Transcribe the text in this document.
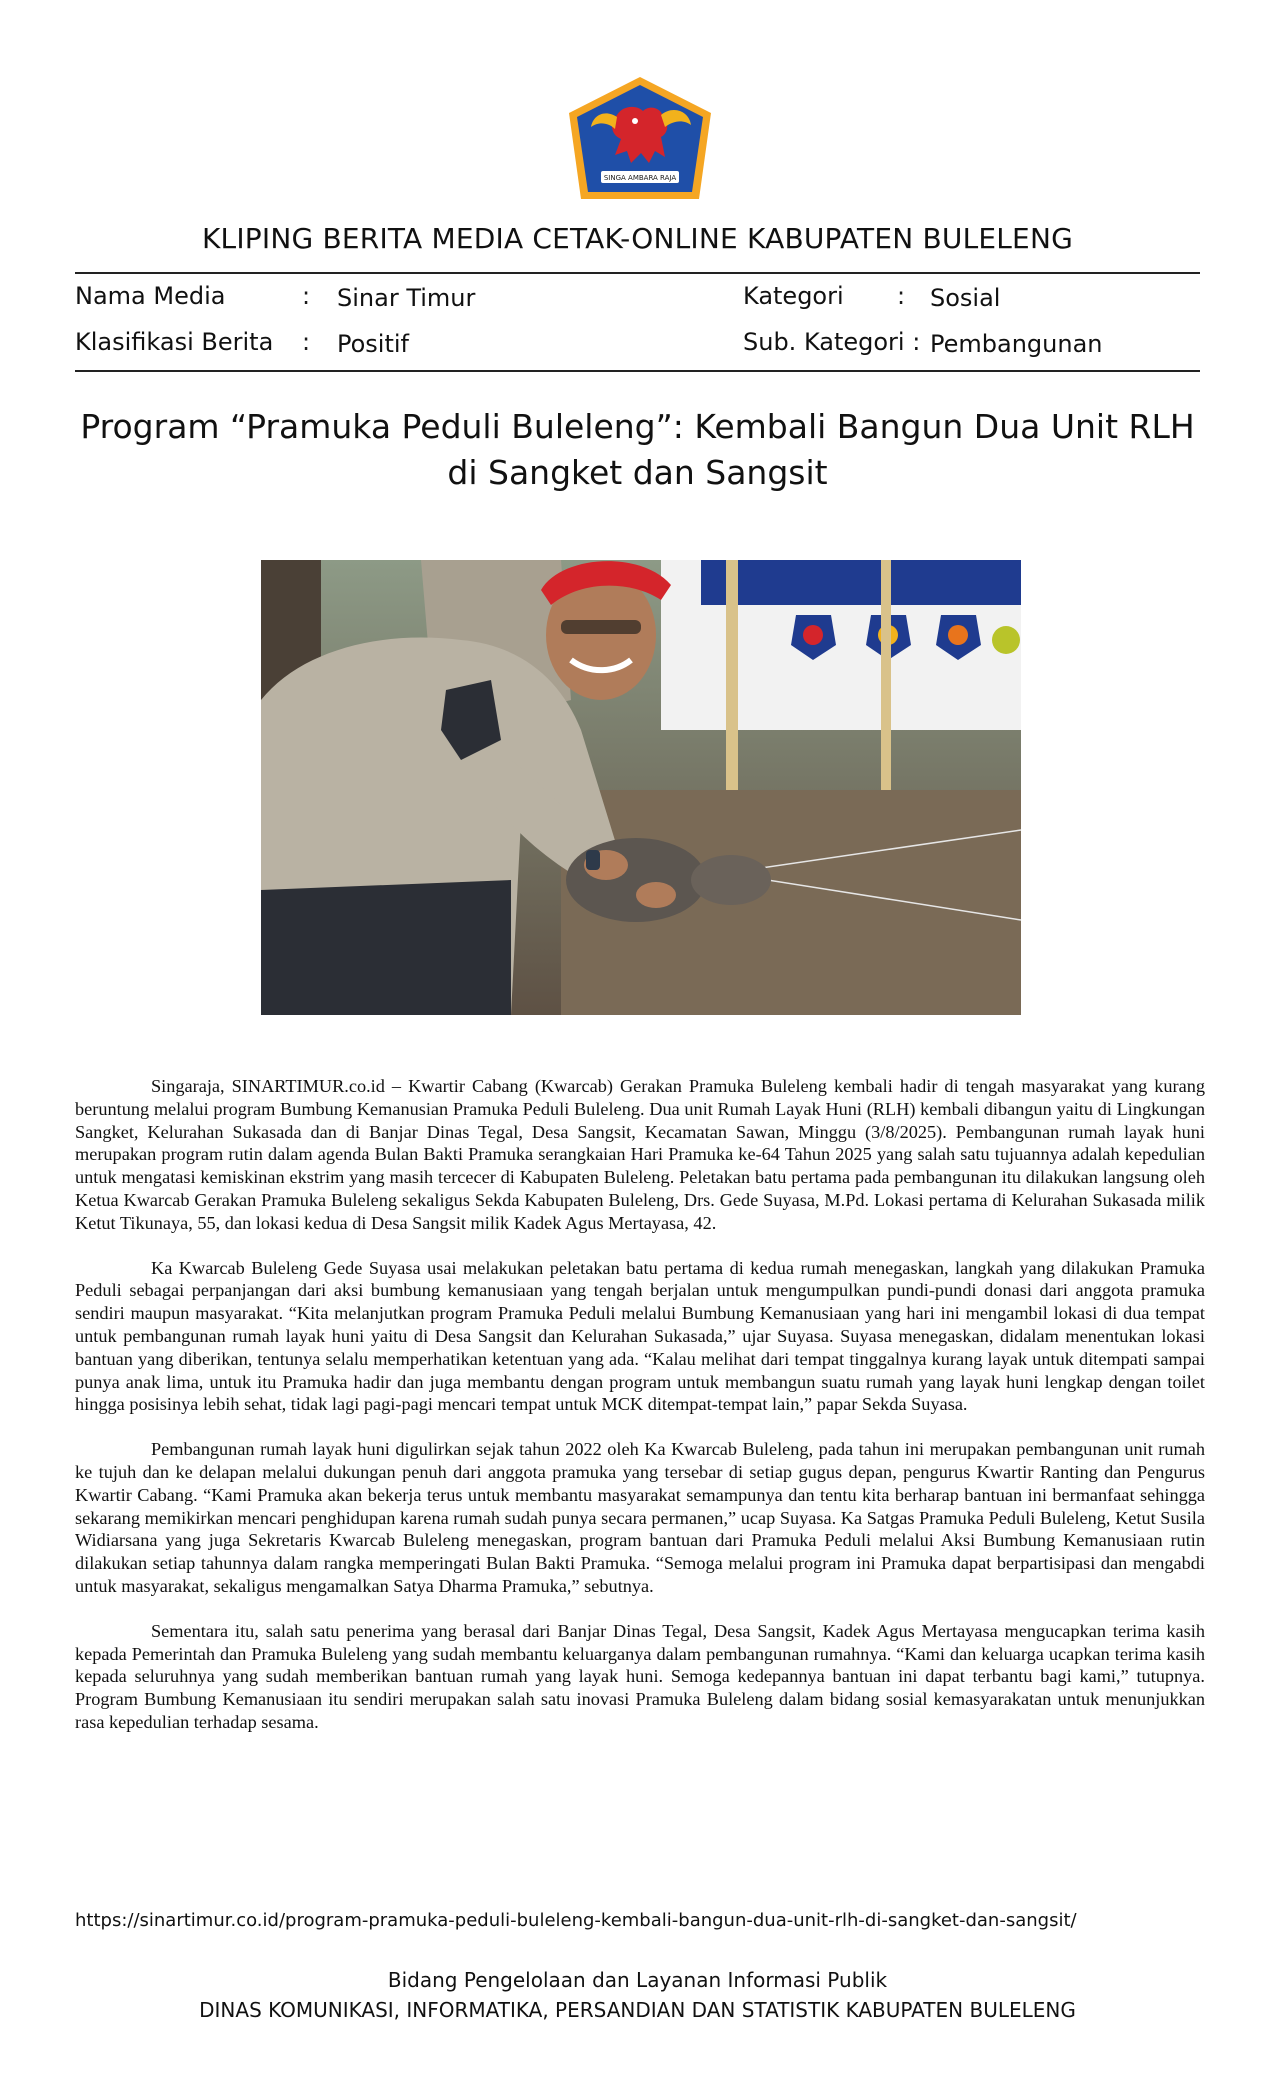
SINGA AMBARA RAJA
KLIPING BERITA MEDIA CETAK-ONLINE KABUPATEN BULELENG
Nama Media	: Sinar Timur	Kategori : Sosial
Klasifikasi Berita : Positif	Sub. Kategori : Pembangunan
Program “Pramuka Peduli Buleleng”: Kembali Bangun Dua Unit RLH
di Sangket dan Sangsit

Singaraja, SINARTIMUR.co.id – Kwartir Cabang (Kwarcab) Gerakan Pramuka Buleleng kembali hadir di tengah masyarakat yang kurang beruntung melalui program Bumbung Kemanusian Pramuka Peduli Buleleng. Dua unit Rumah Layak Huni (RLH) kembali dibangun yaitu di Lingkungan Sangket, Kelurahan Sukasada dan di Banjar Dinas Tegal, Desa Sangsit, Kecamatan Sawan, Minggu (3/8/2025). Pembangunan rumah layak huni merupakan program rutin dalam agenda Bulan Bakti Pramuka serangkaian Hari Pramuka ke-64 Tahun 2025 yang salah satu tujuannya adalah kepedulian untuk mengatasi kemiskinan ekstrim yang masih tercecer di Kabupaten Buleleng. Peletakan batu pertama pada pembangunan itu dilakukan langsung oleh Ketua Kwarcab Gerakan Pramuka Buleleng sekaligus Sekda Kabupaten Buleleng, Drs. Gede Suyasa, M.Pd. Lokasi pertama di Kelurahan Sukasada milik Ketut Tikunaya, 55, dan lokasi kedua di Desa Sangsit milik Kadek Agus Mertayasa, 42.

Ka Kwarcab Buleleng Gede Suyasa usai melakukan peletakan batu pertama di kedua rumah menegaskan, langkah yang dilakukan Pramuka Peduli sebagai perpanjangan dari aksi bumbung kemanusiaan yang tengah berjalan untuk mengumpulkan pundi-pundi donasi dari anggota pramuka sendiri maupun masyarakat. “Kita melanjutkan program Pramuka Peduli melalui Bumbung Kemanusiaan yang hari ini mengambil lokasi di dua tempat untuk pembangunan rumah layak huni yaitu di Desa Sangsit dan Kelurahan Sukasada,” ujar Suyasa. Suyasa menegaskan, didalam menentukan lokasi bantuan yang diberikan, tentunya selalu memperhatikan ketentuan yang ada. “Kalau melihat dari tempat tinggalnya kurang layak untuk ditempati sampai punya anak lima, untuk itu Pramuka hadir dan juga membantu dengan program untuk membangun suatu rumah yang layak huni lengkap dengan toilet hingga posisinya lebih sehat, tidak lagi pagi-pagi mencari tempat untuk MCK ditempat-tempat lain,” papar Sekda Suyasa.

Pembangunan rumah layak huni digulirkan sejak tahun 2022 oleh Ka Kwarcab Buleleng, pada tahun ini merupakan pembangunan unit rumah ke tujuh dan ke delapan melalui dukungan penuh dari anggota pramuka yang tersebar di setiap gugus depan, pengurus Kwartir Ranting dan Pengurus Kwartir Cabang. “Kami Pramuka akan bekerja terus untuk membantu masyarakat semampunya dan tentu kita berharap bantuan ini bermanfaat sehingga sekarang memikirkan mencari penghidupan karena rumah sudah punya secara permanen,” ucap Suyasa. Ka Satgas Pramuka Peduli Buleleng, Ketut Susila Widiarsana yang juga Sekretaris Kwarcab Buleleng menegaskan, program bantuan dari Pramuka Peduli melalui Aksi Bumbung Kemanusiaan rutin dilakukan setiap tahunnya dalam rangka memperingati Bulan Bakti Pramuka. “Semoga melalui program ini Pramuka dapat berpartisipasi dan mengabdi untuk masyarakat, sekaligus mengamalkan Satya Dharma Pramuka,” sebutnya.

Sementara itu, salah satu penerima yang berasal dari Banjar Dinas Tegal, Desa Sangsit, Kadek Agus Mertayasa mengucapkan terima kasih kepada Pemerintah dan Pramuka Buleleng yang sudah membantu keluarganya dalam pembangunan rumahnya. “Kami dan keluarga ucapkan terima kasih kepada seluruhnya yang sudah memberikan bantuan rumah yang layak huni. Semoga kedepannya bantuan ini dapat terbantu bagi kami,” tutupnya. Program Bumbung Kemanusiaan itu sendiri merupakan salah satu inovasi Pramuka Buleleng dalam bidang sosial kemasyarakatan untuk menunjukkan rasa kepedulian terhadap sesama.

https://sinartimur.co.id/program-pramuka-peduli-buleleng-kembali-bangun-dua-unit-rlh-di-sangket-dan-sangsit/
Bidang Pengelolaan dan Layanan Informasi Publik
DINAS KOMUNIKASI, INFORMATIKA, PERSANDIAN DAN STATISTIK KABUPATEN BULELENG
